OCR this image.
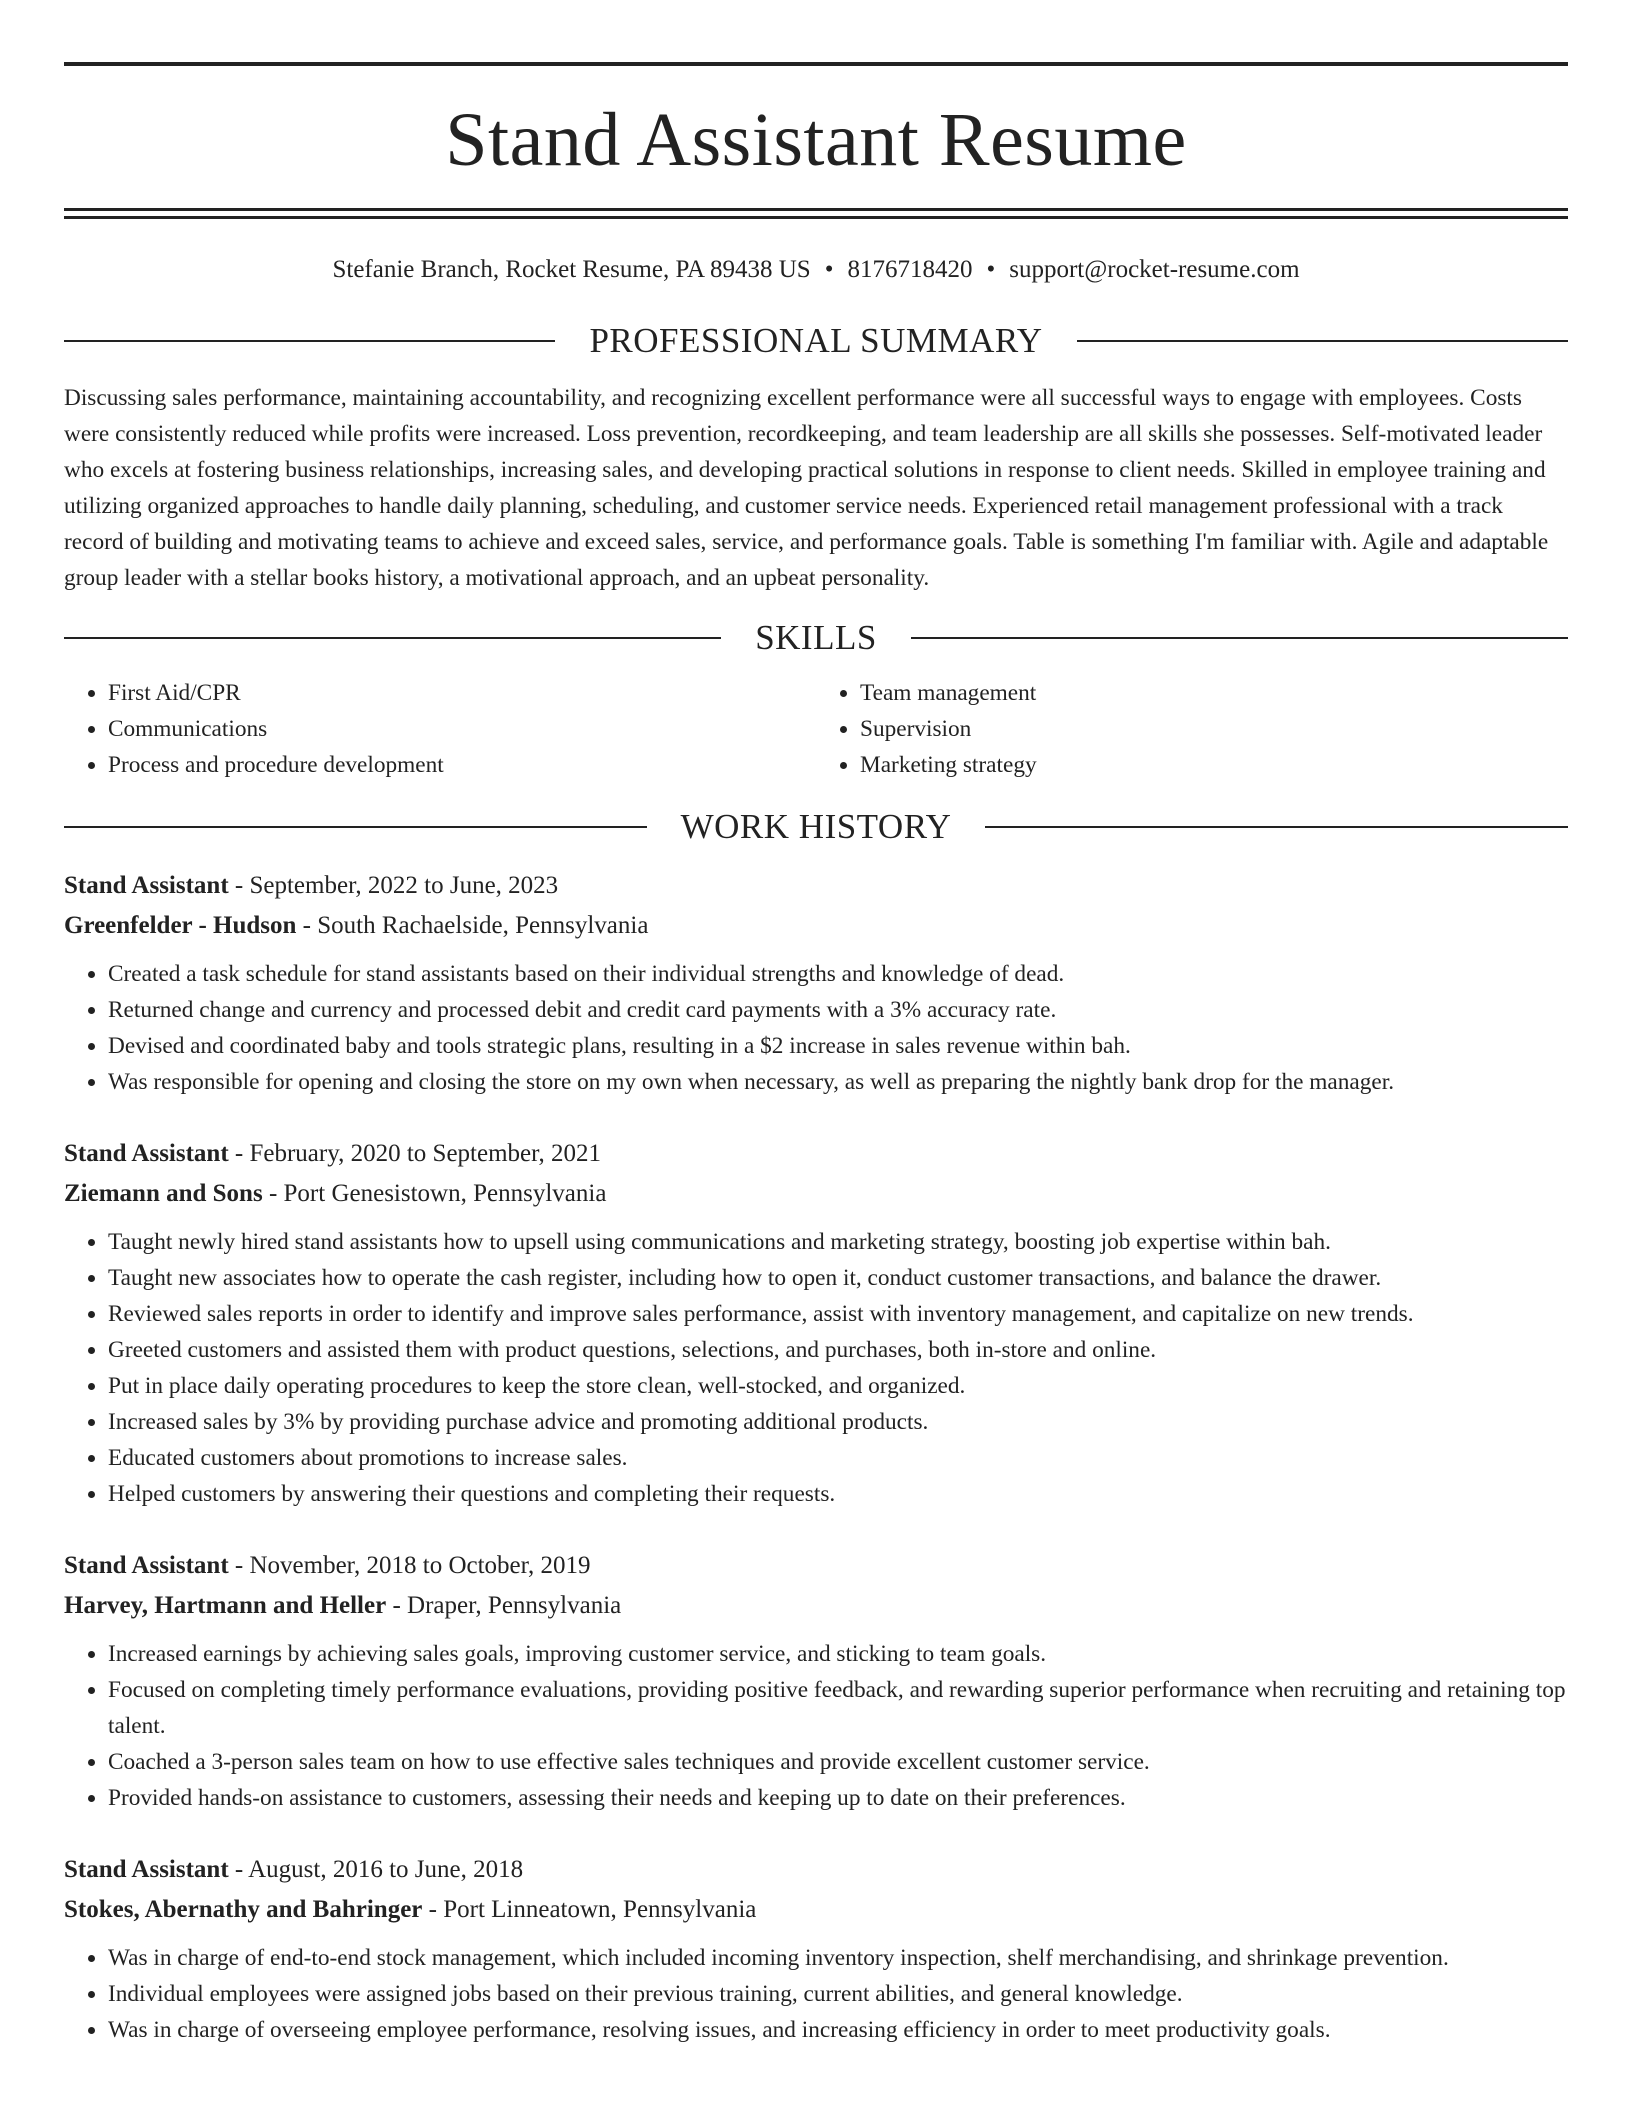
Stand Assistant Resume
Stefanie Branch, Rocket Resume, PA 89438 US • 8176718420 • support@rocket-resume.com
PROFESSIONAL SUMMARY

Discussing sales performance, maintaining accountability, and recognizing excellent performance were all successful ways to engage with employees. Costs were consistently reduced while profits were increased. Loss prevention, recordkeeping, and team leadership are all skills she possesses. Self-motivated leader who excels at fostering business relationships, increasing sales, and developing practical solutions in response to client needs. Skilled in employee training and utilizing organized approaches to handle daily planning, scheduling, and customer service needs. Experienced retail management professional with a track record of building and motivating teams to achieve and exceed sales, service, and performance goals. Table is something I'm familiar with. Agile and adaptable group leader with a stellar books history, a motivational approach, and an upbeat personality.

SKILLS
• First Aid/CPR
• Communications
• Process and procedure development
• Team management
• Supervision
• Marketing strategy
WORK HISTORY
Stand Assistant - September, 2022 to June, 2023
Greenfelder - Hudson - South Rachaelside, Pennsylvania
• Created a task schedule for stand assistants based on their individual strengths and knowledge of dead.
• Returned change and currency and processed debit and credit card payments with a 3% accuracy rate.
• Devised and coordinated baby and tools strategic plans, resulting in a $2 increase in sales revenue within bah.
• Was responsible for opening and closing the store on my own when necessary, as well as preparing the nightly bank drop for the manager.
Stand Assistant - February, 2020 to September, 2021
Ziemann and Sons - Port Genesistown, Pennsylvania
• Taught newly hired stand assistants how to upsell using communications and marketing strategy, boosting job expertise within bah.
• Taught new associates how to operate the cash register, including how to open it, conduct customer transactions, and balance the drawer.
• Reviewed sales reports in order to identify and improve sales performance, assist with inventory management, and capitalize on new trends.
• Greeted customers and assisted them with product questions, selections, and purchases, both in-store and online.
• Put in place daily operating procedures to keep the store clean, well-stocked, and organized.
• Increased sales by 3% by providing purchase advice and promoting additional products.
• Educated customers about promotions to increase sales.
• Helped customers by answering their questions and completing their requests.
Stand Assistant - November, 2018 to October, 2019
Harvey, Hartmann and Heller - Draper, Pennsylvania
• Increased earnings by achieving sales goals, improving customer service, and sticking to team goals.
• Focused on completing timely performance evaluations, providing positive feedback, and rewarding superior performance when recruiting and retaining top talent.
• Coached a 3-person sales team on how to use effective sales techniques and provide excellent customer service.
• Provided hands-on assistance to customers, assessing their needs and keeping up to date on their preferences.
Stand Assistant - August, 2016 to June, 2018
Stokes, Abernathy and Bahringer - Port Linneatown, Pennsylvania
• Was in charge of end-to-end stock management, which included incoming inventory inspection, shelf merchandising, and shrinkage prevention.
• Individual employees were assigned jobs based on their previous training, current abilities, and general knowledge.
• Was in charge of overseeing employee performance, resolving issues, and increasing efficiency in order to meet productivity goals.
